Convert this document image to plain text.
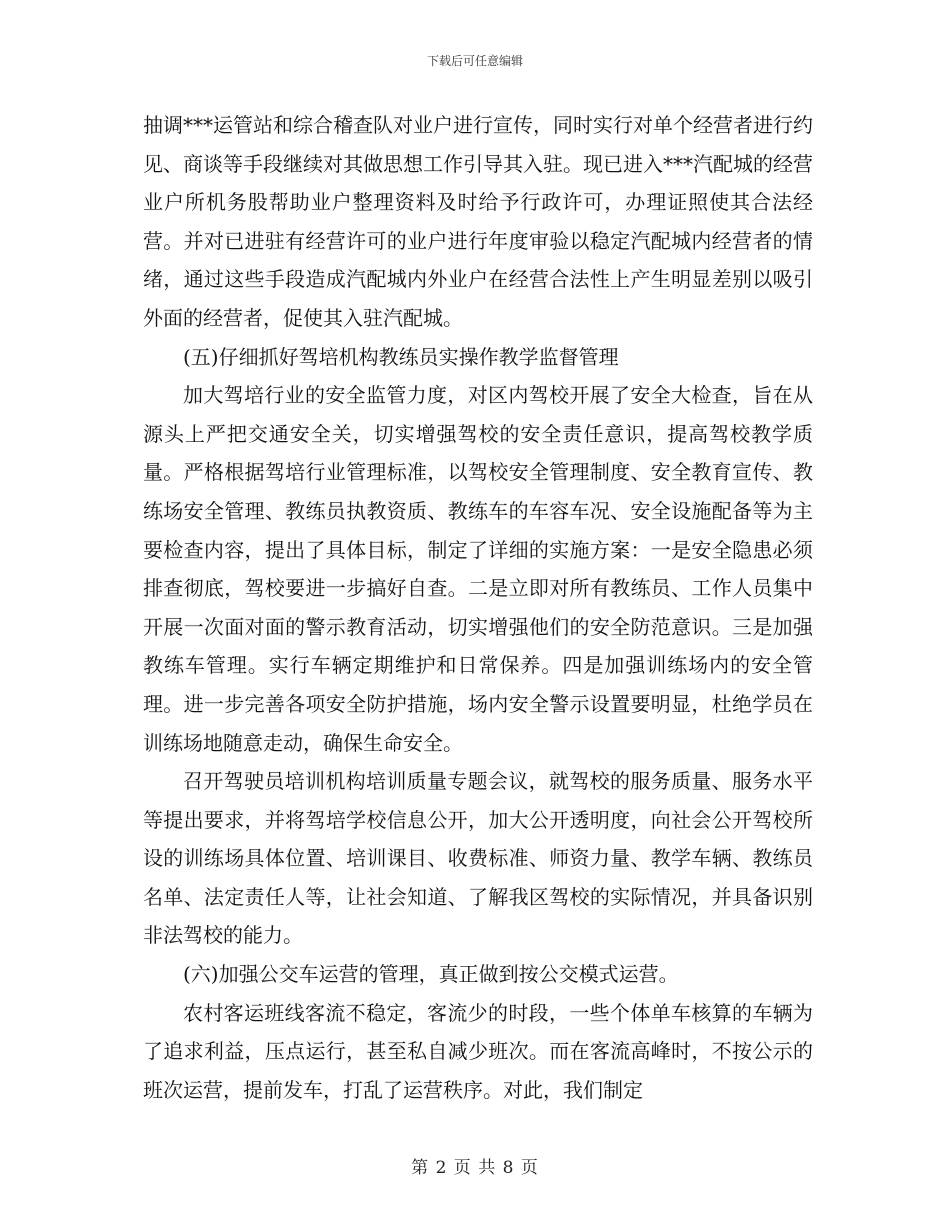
下载后可任意编辑

抽调***运管站和综合稽查队对业户进行宣传，同时实行对单个经营者进行约见、商谈等手段继续对其做思想工作引导其入驻。现已进入***汽配城的经营业户所机务股帮助业户整理资料及时给予行政许可，办理证照使其合法经营。并对已进驻有经营许可的业户进行年度审验以稳定汽配城内经营者的情绪，通过这些手段造成汽配城内外业户在经营合法性上产生明显差别以吸引外面的经营者，促使其入驻汽配城。

(五)仔细抓好驾培机构教练员实操作教学监督管理

加大驾培行业的安全监管力度，对区内驾校开展了安全大检查，旨在从源头上严把交通安全关，切实增强驾校的安全责任意识，提高驾校教学质量。严格根据驾培行业管理标准，以驾校安全管理制度、安全教育宣传、教练场安全管理、教练员执教资质、教练车的车容车况、安全设施配备等为主要检查内容，提出了具体目标，制定了详细的实施方案：一是安全隐患必须排查彻底，驾校要进一步搞好自查。二是立即对所有教练员、工作人员集中开展一次面对面的警示教育活动，切实增强他们的安全防范意识。三是加强教练车管理。实行车辆定期维护和日常保养。四是加强训练场内的安全管理。进一步完善各项安全防护措施，场内安全警示设置要明显，杜绝学员在训练场地随意走动，确保生命安全。

召开驾驶员培训机构培训质量专题会议，就驾校的服务质量、服务水平等提出要求，并将驾培学校信息公开，加大公开透明度，向社会公开驾校所设的训练场具体位置、培训课目、收费标准、师资力量、教学车辆、教练员名单、法定责任人等，让社会知道、了解我区驾校的实际情况，并具备识别非法驾校的能力。

(六)加强公交车运营的管理，真正做到按公交模式运营。

农村客运班线客流不稳定，客流少的时段，一些个体单车核算的车辆为了追求利益，压点运行，甚至私自减少班次。而在客流高峰时，不按公示的班次运营，提前发车，打乱了运营秩序。对此，我们制定

第 2 页 共 8 页
